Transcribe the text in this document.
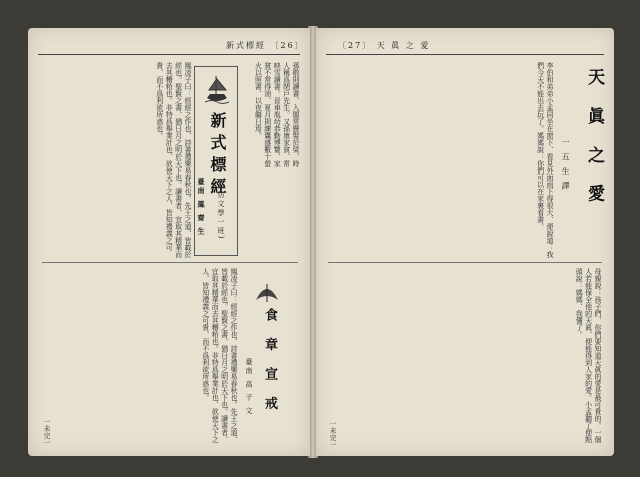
新式標經 〔26〕
孫敬則讀書、入閣常懸髮於梁、時人稱爲閉戶先生。又孫康家貧、常映雪讀書。晉車胤幼恭勤博覽、家貧不常得油、夏月則練囊盛數十螢火以照書、以夜繼日焉。
新式標經
(仿文學一班)
臺南 鳳 齋 生
鳳凌子曰：經經之作也、詩書禮樂易春秋也。先王之道、皆載於經也。聖賢之書、猶日月之明於天下也。讀書者、宜取其精華而去其糟粕也。非特爲舉業計也、欲使天下之人、皆知禮義之可貴、而不爲利欲所惑也。
食 章 宣 戒
臺南 高 子 文
鳳凌子曰：經經之作也、詩書禮樂易春秋也。先王之道、皆載於經也。聖賢之書、猶日月之明於天下也。讀書者、宜取其精華而去其糟粕也。非特爲舉業計也、欲使天下之人、皆知禮義之可貴、而不爲利欲所惑也。
一未完一
〔27〕 天 眞 之 愛
天 眞 之 愛
一 五 生 譯
李伯和弟弟小孟同坐在窗下、看見外面雨下得很大、便說道：我們今天不能出去玩了。媽媽說：你們可以在家裏看書。
母親說：孩子們、你們要知道天眞的愛是最可貴的。一個人若能保全他的天眞、便能得到人家的愛。小孟聽了便點頭說：媽媽、我懂了。
一未完一
